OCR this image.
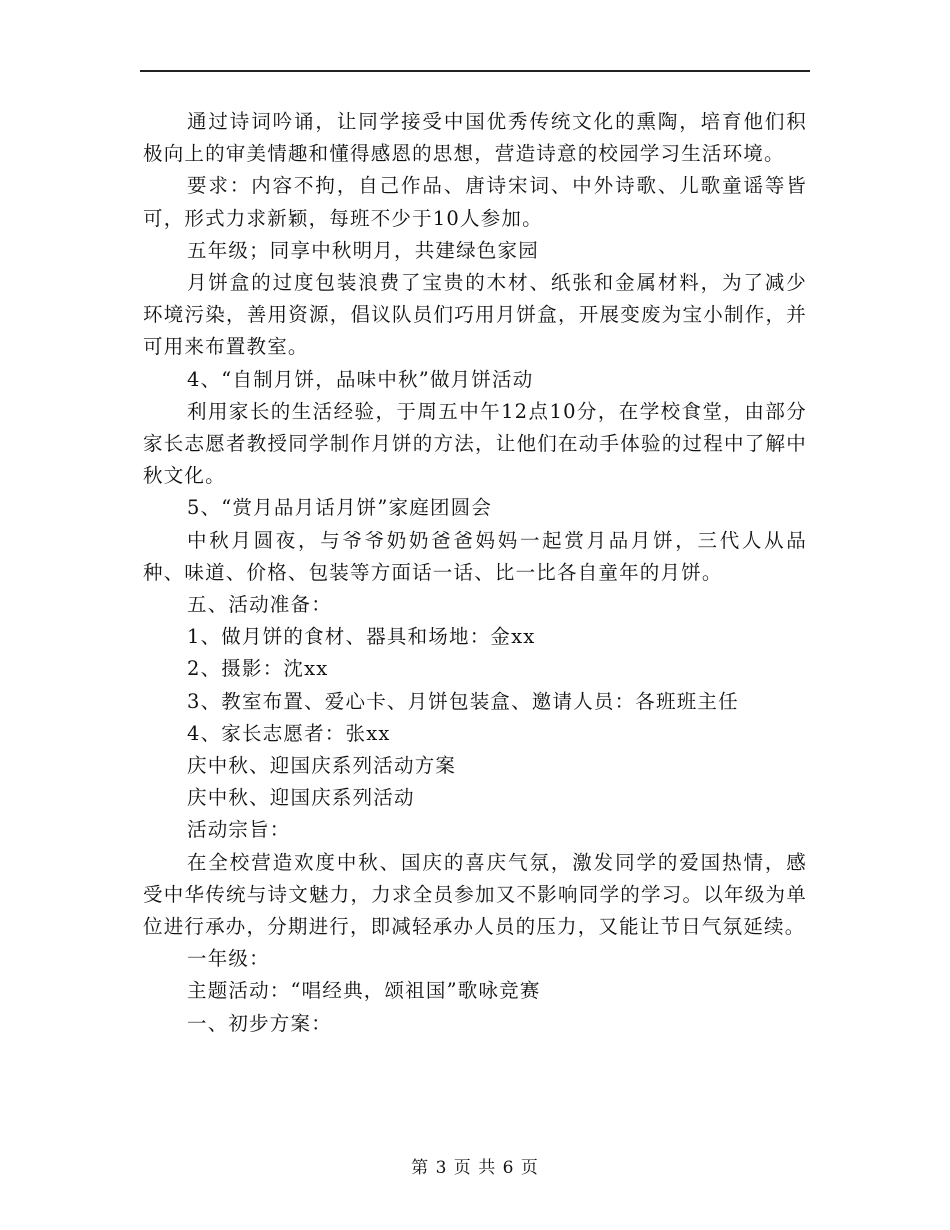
通过诗词吟诵，让同学接受中国优秀传统文化的熏陶，培育他们积极向上的审美情趣和懂得感恩的思想，营造诗意的校园学习生活环境。

要求：内容不拘，自己作品、唐诗宋词、中外诗歌、儿歌童谣等皆可，形式力求新颖，每班不少于10人参加。

五年级；同享中秋明月，共建绿色家园

月饼盒的过度包装浪费了宝贵的木材、纸张和金属材料，为了减少环境污染，善用资源，倡议队员们巧用月饼盒，开展变废为宝小制作，并可用来布置教室。

4、“自制月饼，品味中秋”做月饼活动

利用家长的生活经验，于周五中午12点10分，在学校食堂，由部分家长志愿者教授同学制作月饼的方法，让他们在动手体验的过程中了解中秋文化。

5、“赏月品月话月饼”家庭团圆会

中秋月圆夜，与爷爷奶奶爸爸妈妈一起赏月品月饼，三代人从品种、味道、价格、包装等方面话一话、比一比各自童年的月饼。

五、活动准备：

1、做月饼的食材、器具和场地：金xx

2、摄影：沈xx

3、教室布置、爱心卡、月饼包装盒、邀请人员：各班班主任

4、家长志愿者：张xx

庆中秋、迎国庆系列活动方案

庆中秋、迎国庆系列活动

活动宗旨：

在全校营造欢度中秋、国庆的喜庆气氛，激发同学的爱国热情，感受中华传统与诗文魅力，力求全员参加又不影响同学的学习。以年级为单位进行承办，分期进行，即减轻承办人员的压力，又能让节日气氛延续。

一年级：

主题活动：“唱经典，颂祖国”歌咏竞赛

一、初步方案：

第 3 页 共 6 页
